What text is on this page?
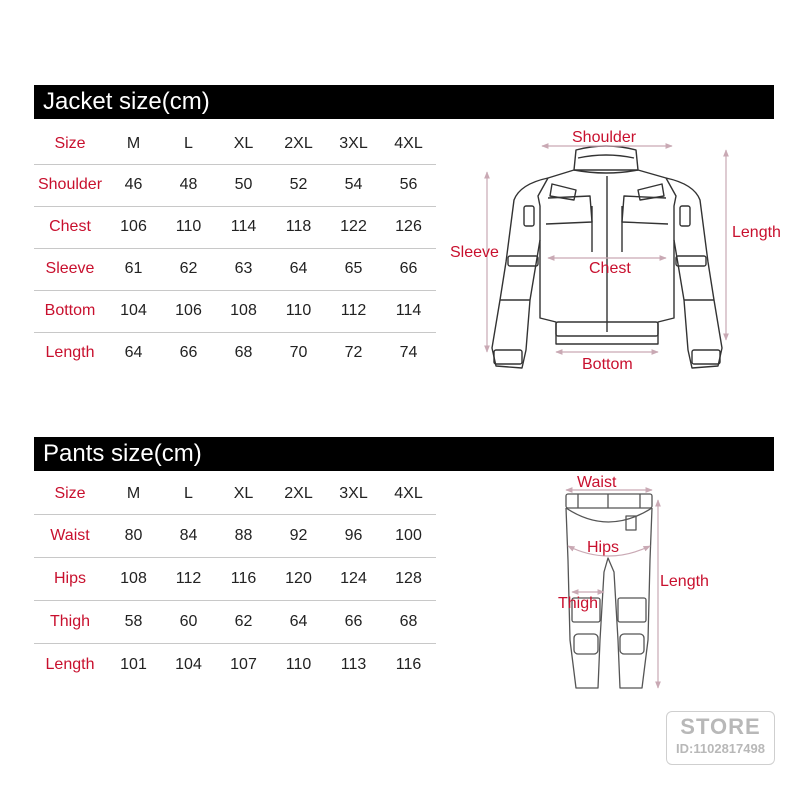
Jacket size(cm)
Size	M	L	XL	2XL	3XL	4XL
Shoulder	46	48	50	52	54	56
Chest	106	110	114	118	122	126
Sleeve	61	62	63	64	65	66
Bottom	104	106	108	110	112	114
Length	64	66	68	70	72	74
Pants size(cm)
Size	M	L	XL	2XL	3XL	4XL
Waist	80	84	88	92	96	100
Hips	108	112	116	120	124	128
Thigh	58	60	62	64	66	68
Length	101	104	107	110	113	116
Shoulder
Length
Sleeve
Chest
Bottom
Waist
Hips
Thigh
Length
STORE
ID:1102817498
